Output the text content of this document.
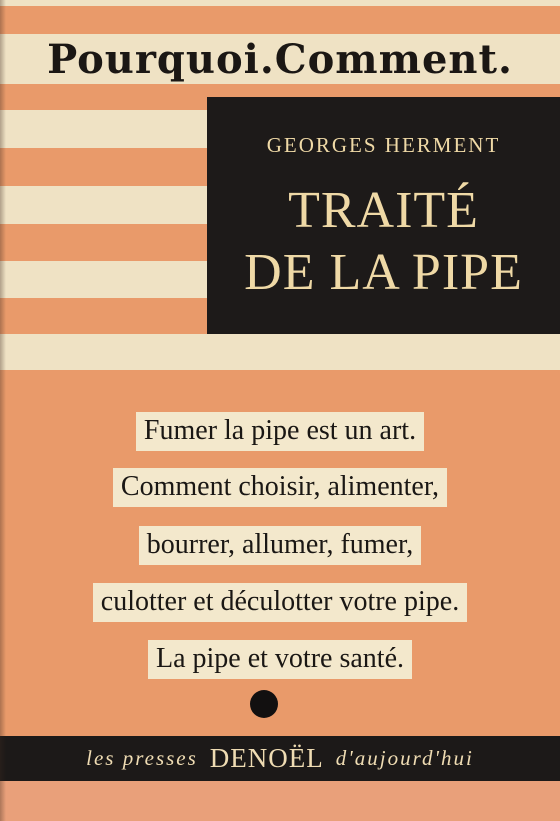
Pourquoi.Comment.
GEORGES HERMENT
TRAITÉ
DE LA PIPE
Fumer la pipe est un art.
Comment choisir, alimenter,
bourrer, allumer, fumer,
culotter et déculotter votre pipe.
La pipe et votre santé.
les presses DENOËL d'aujourd'hui
